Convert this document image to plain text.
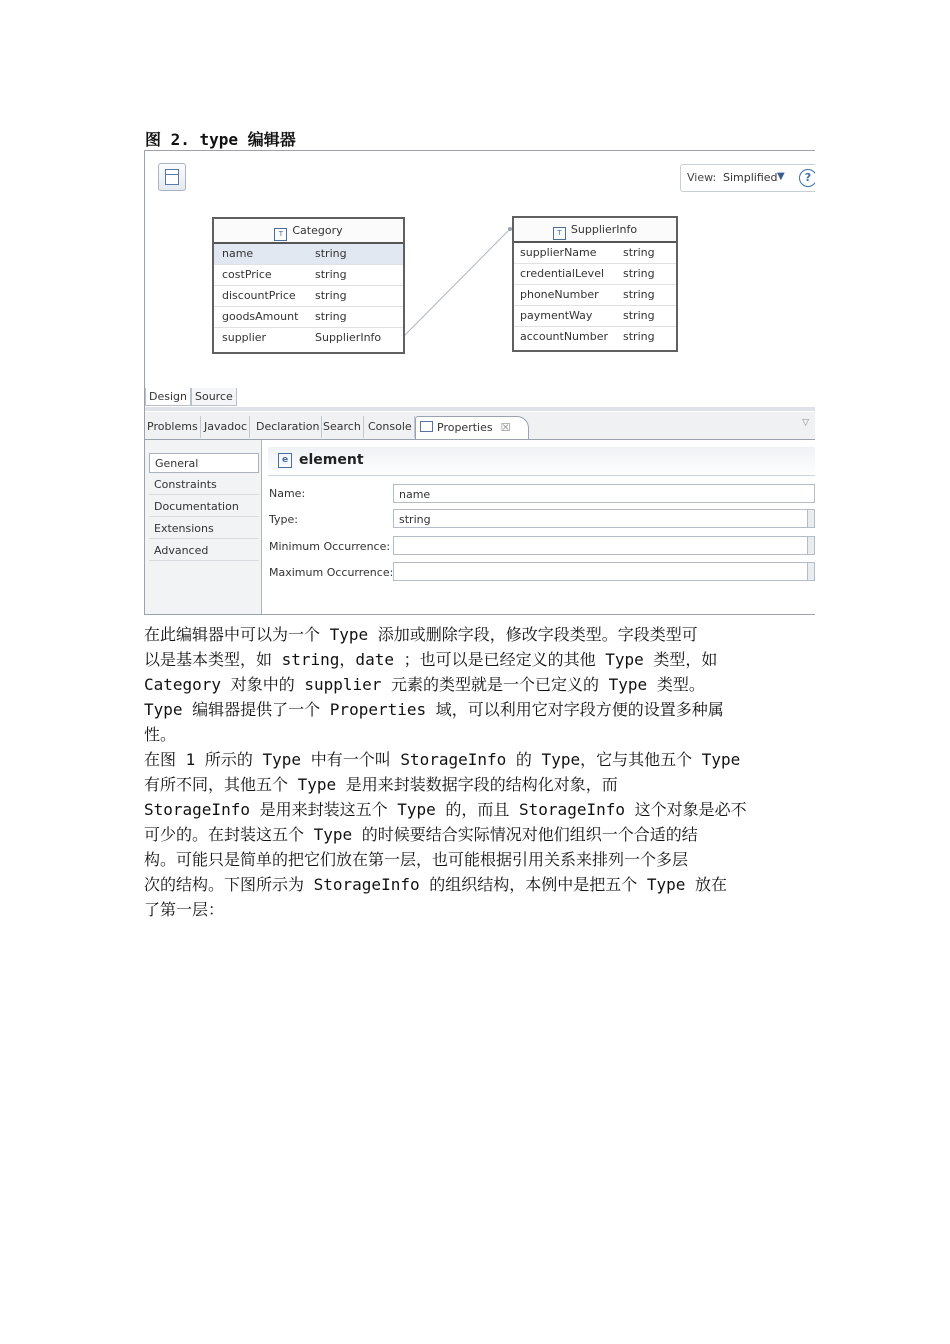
图 2. type 编辑器
View: Simplified ▼	?
T Category
name	string
costPrice	string
discountPrice string
goodsAmount string
supplier	SupplierInfo
T SupplierInfo
supplierName string
credentialLevel string
phoneNumber string
paymentWay	string
accountNumber string
Design Source
Problems Javadoc Declaration Search Console	Properties ☒	▽
General
Constraints
Documentation
Extensions
Advanced
e element
Name:	name
Type:	string
Minimum Occurrence:
Maximum Occurrence:
在此编辑器中可以为一个 Type 添加或删除字段，修改字段类型。字段类型可
以是基本类型，如 string，date ；也可以是已经定义的其他 Type 类型，如
Category 对象中的 supplier 元素的类型就是一个已定义的 Type 类型。
Type 编辑器提供了一个 Properties 域，可以利用它对字段方便的设置多种属
性。
在图 1 所示的 Type 中有一个叫 StorageInfo 的 Type，它与其他五个 Type
有所不同，其他五个 Type 是用来封装数据字段的结构化对象，而
StorageInfo 是用来封装这五个 Type 的，而且 StorageInfo 这个对象是必不
可少的。在封装这五个 Type 的时候要结合实际情况对他们组织一个合适的结
构。可能只是简单的把它们放在第一层，也可能根据引用关系来排列一个多层
次的结构。下图所示为 StorageInfo 的组织结构，本例中是把五个 Type 放在
了第一层：
